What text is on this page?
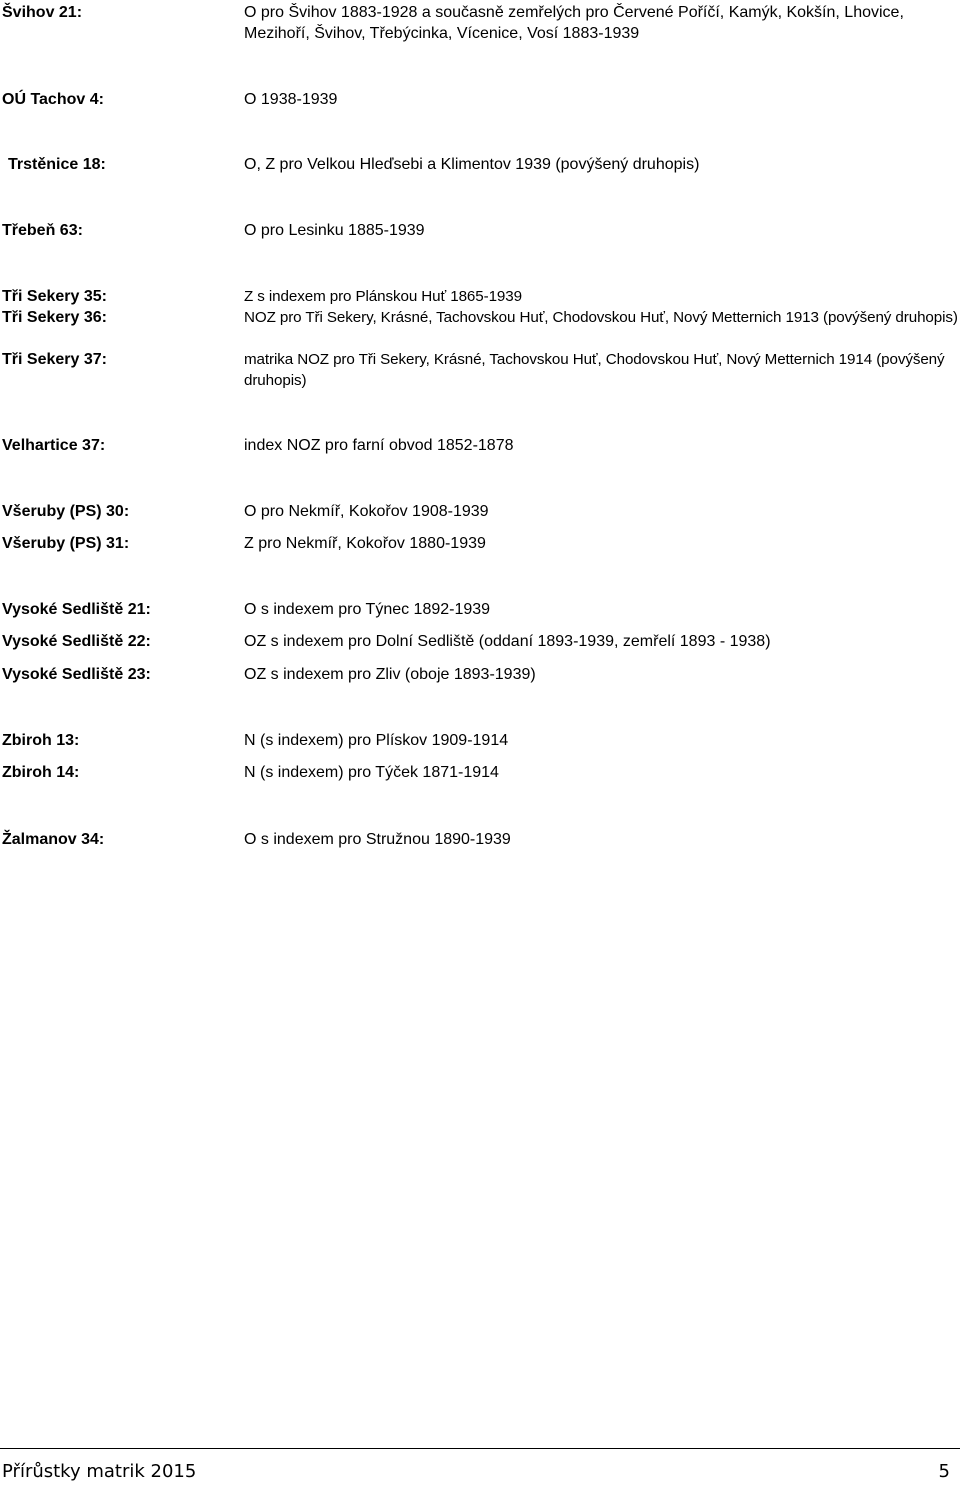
Švihov 21:	O pro Švihov 1883-1928 a současně zemřelých pro Červené Poříčí, Kamýk, Kokšín, Lhovice, Mezihoří, Švihov, Třebýcinka, Vícenice, Vosí 1883-1939
OÚ Tachov 4:	O 1938-1939
Trstěnice 18:	O, Z pro Velkou Hleďsebi a Klimentov 1939 (povýšený druhopis)
Třebeň 63:	O pro Lesinku 1885-1939
Tři Sekery 35:	Z s indexem pro Plánskou Huť 1865-1939
Tři Sekery 36:	NOZ pro Tři Sekery, Krásné, Tachovskou Huť, Chodovskou Huť, Nový Metternich 1913 (povýšený druhopis)
Tři Sekery 37:	matrika NOZ pro Tři Sekery, Krásné, Tachovskou Huť, Chodovskou Huť, Nový Metternich 1914 (povýšený druhopis)
Velhartice 37:	index NOZ pro farní obvod 1852-1878
Všeruby (PS) 30:	O pro Nekmíř, Kokořov 1908-1939
Všeruby (PS) 31:	Z pro Nekmíř, Kokořov 1880-1939
Vysoké Sedliště 21:	O s indexem pro Týnec 1892-1939
Vysoké Sedliště 22:	OZ s indexem pro Dolní Sedliště (oddaní 1893-1939, zemřelí 1893 - 1938)
Vysoké Sedliště 23:	OZ s indexem pro Zliv (oboje 1893-1939)
Zbiroh 13:	N (s indexem) pro Plískov 1909-1914
Zbiroh 14:	N (s indexem) pro Týček 1871-1914
Žalmanov 34:	O s indexem pro Stružnou 1890-1939
Přírůstky matrik 2015	5
